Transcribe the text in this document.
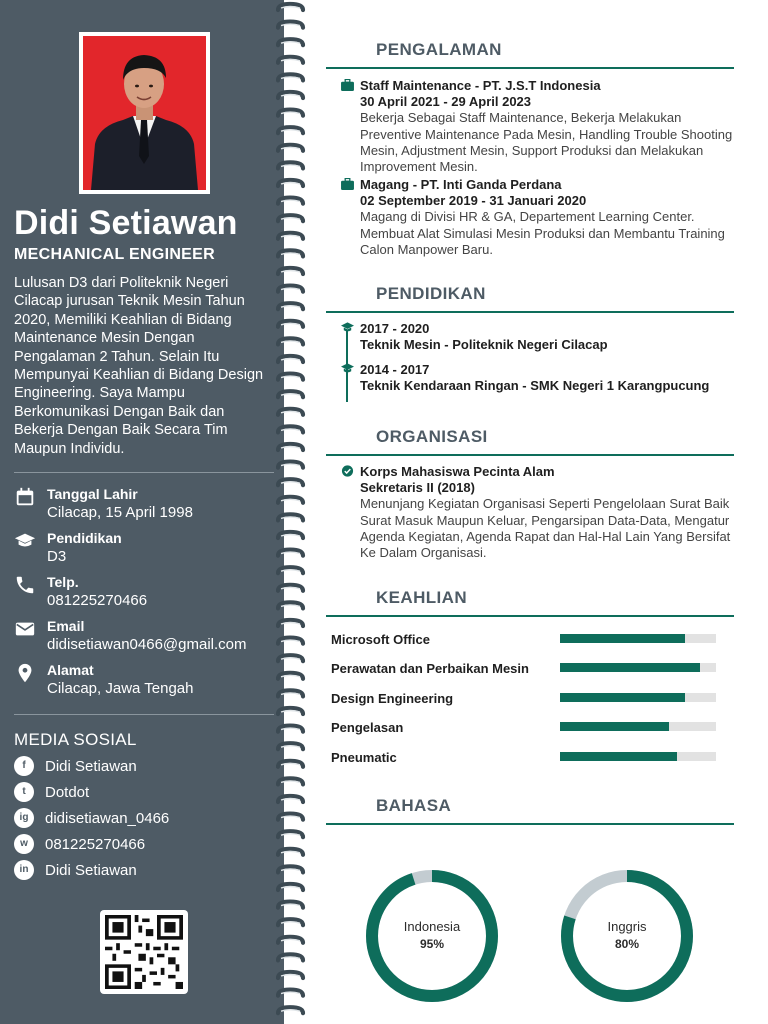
Didi Setiawan
MECHANICAL ENGINEER
Lulusan D3 dari Politeknik Negeri Cilacap jurusan Teknik Mesin Tahun 2020, Memiliki Keahlian di Bidang Maintenance Mesin Dengan Pengalaman 2 Tahun. Selain Itu Mempunyai Keahlian di Bidang Design Engineering. Saya Mampu Berkomunikasi Dengan Baik dan Bekerja Dengan Baik Secara Tim Maupun Individu.
Tanggal Lahir
Cilacap, 15 April 1998
Pendidikan
D3
Telp.
081225270466
Email
didisetiawan0466@gmail.com
Alamat
Cilacap, Jawa Tengah
MEDIA SOSIAL
f	Didi Setiawan
t	Dotdot
ig	didisetiawan_0466
w	081225270466
in	Didi Setiawan
PENGALAMAN
Staff Maintenance - PT. J.S.T Indonesia
30 April 2021 - 29 April 2023
Bekerja Sebagai Staff Maintenance, Bekerja Melakukan Preventive Maintenance Pada Mesin, Handling Trouble Shooting Mesin, Adjustment Mesin, Support Produksi dan Melakukan Improvement Mesin.
Magang - PT. Inti Ganda Perdana
02 September 2019 - 31 Januari 2020
Magang di Divisi HR & GA, Departement Learning Center. Membuat Alat Simulasi Mesin Produksi dan Membantu Training Calon Manpower Baru.
PENDIDIKAN
2017 - 2020
Teknik Mesin - Politeknik Negeri Cilacap
2014 - 2017
Teknik Kendaraan Ringan - SMK Negeri 1 Karangpucung
ORGANISASI
Korps Mahasiswa Pecinta Alam
Sekretaris II (2018)
Menunjang Kegiatan Organisasi Seperti Pengelolaan Surat Baik Surat Masuk Maupun Keluar, Pengarsipan Data-Data, Mengatur Agenda Kegiatan, Agenda Rapat dan Hal-Hal Lain Yang Bersifat Ke Dalam Organisasi.
KEAHLIAN
Microsoft Office
Perawatan dan Perbaikan Mesin
Design Engineering
Pengelasan
Pneumatic
BAHASA
Indonesia
95%
Inggris
80%
